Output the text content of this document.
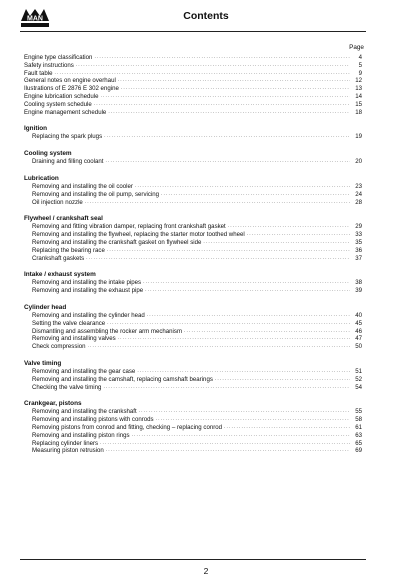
MAN	Contents
Page
Engine type classification .....	4
Safety instructions .....	5
Fault table .....	9
General notes on engine overhaul .....	12
Ilustrations of E 2876 E 302 engine .....	13
Engine lubrication schedule .....	14
Cooling system schedule .....	15
Engine management schedule .....	18
Ignition
Replacing the spark plugs .....	19
Cooling system
Draining and filling coolant .....	20
Lubrication
Removing and installing the oil cooler .....	23
Removing and installing the oil pump, servicing .....	24
Oil injection nozzle .....	28
Flywheel / crankshaft seal
Removing and fitting vibration damper, replacing front crankshaft gasket .....	29
Removing and installing the flywheel, replacing the starter motor toothed wheel .....	33
Removing and installing the crankshaft gasket on flywheel side .....	35
Replacing the bearing race .....	36
Crankshaft gaskets .....	37
Intake / exhaust system
Removing and installing the intake pipes .....	38
Removing and installing the exhaust pipe .....	39
Cylinder head
Removing and installing the cylinder head .....	40
Setting the valve clearance .....	45
Dismantling and assembling the rocker arm mechanism .....	46
Removing and installing valves .....	47
Check compression .....	50
Valve timing
Removing and installing the gear case .....	51
Removing and installing the camshaft, replacing camshaft bearings .....	52
Checking the valve timing .....	54
Crankgear, pistons
Removing and installing the crankshaft .....	55
Removing and installing pistons with conrods .....	58
Removing pistons from conrod and fitting, checking – replacing conrod .....	61
Removing and installing piston rings .....	63
Replacing cylinder liners .....	65
Measuring piston retrusion .....	69
2
